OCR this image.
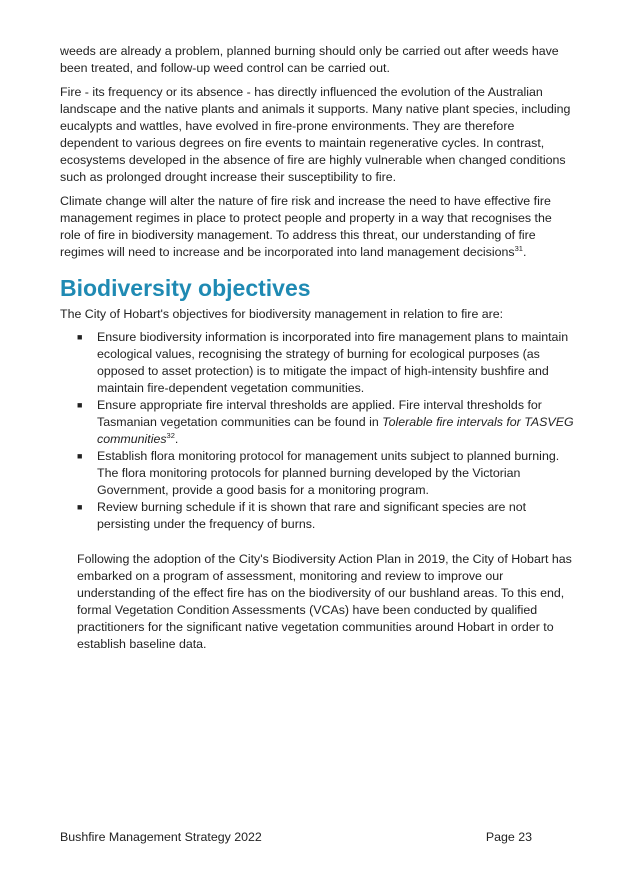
weeds are already a problem, planned burning should only be carried out after weeds have been treated, and follow-up weed control can be carried out.

Fire - its frequency or its absence - has directly influenced the evolution of the Australian landscape and the native plants and animals it supports. Many native plant species, including eucalypts and wattles, have evolved in fire-prone environments. They are therefore dependent to various degrees on fire events to maintain regenerative cycles. In contrast, ecosystems developed in the absence of fire are highly vulnerable when changed conditions such as prolonged drought increase their susceptibility to fire.

Climate change will alter the nature of fire risk and increase the need to have effective fire management regimes in place to protect people and property in a way that recognises the role of fire in biodiversity management. To address this threat, our understanding of fire regimes will need to increase and be incorporated into land management decisions$^{31}$.

Biodiversity objectives

The City of Hobart's objectives for biodiversity management in relation to fire are:

■ Ensure biodiversity information is incorporated into fire management plans to maintain ecological values, recognising the strategy of burning for ecological purposes (as opposed to asset protection) is to mitigate the impact of high-intensity bushfire and maintain fire-dependent vegetation communities.
■ Ensure appropriate fire interval thresholds are applied. Fire interval thresholds for Tasmanian vegetation communities can be found in Tolerable fire intervals for TASVEG communities$^{32}$.
■ Establish flora monitoring protocol for management units subject to planned burning. The flora monitoring protocols for planned burning developed by the Victorian Government, provide a good basis for a monitoring program.
■ Review burning schedule if it is shown that rare and significant species are not persisting under the frequency of burns.

Following the adoption of the City's Biodiversity Action Plan in 2019, the City of Hobart has embarked on a program of assessment, monitoring and review to improve our understanding of the effect fire has on the biodiversity of our bushland areas. To this end, formal Vegetation Condition Assessments (VCAs) have been conducted by qualified practitioners for the significant native vegetation communities around Hobart in order to establish baseline data.

Bushfire Management Strategy 2022	Page 23
